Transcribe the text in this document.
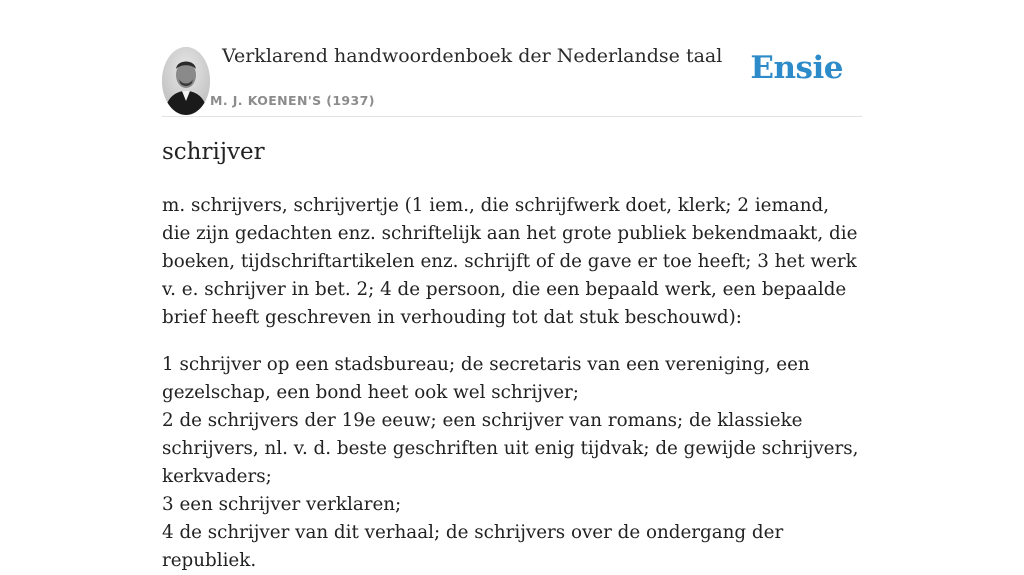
Verklarend handwoordenboek der Nederlandse taal
M. J. KOENEN'S (1937)
Ensie
schrijver

m. schrijvers, schrijvertje (1 iem., die schrijfwerk doet, klerk; 2 iemand, die zijn gedachten enz. schriftelijk aan het grote publiek bekendmaakt, die boeken, tijdschriftartikelen enz. schrijft of de gave er toe heeft; 3 het werk v. e. schrijver in bet. 2; 4 de persoon, die een bepaald werk, een bepaalde brief heeft geschreven in verhouding tot dat stuk beschouwd):

1 schrijver op een stadsbureau; de secretaris van een vereniging, een gezelschap, een bond heet ook wel schrijver;
2 de schrijvers der 19e eeuw; een schrijver van romans; de klassieke schrijvers, nl. v. d. beste geschriften uit enig tijdvak; de gewijde schrijvers, kerkvaders;
3 een schrijver verklaren;
4 de schrijver van dit verhaal; de schrijvers over de ondergang der republiek.
